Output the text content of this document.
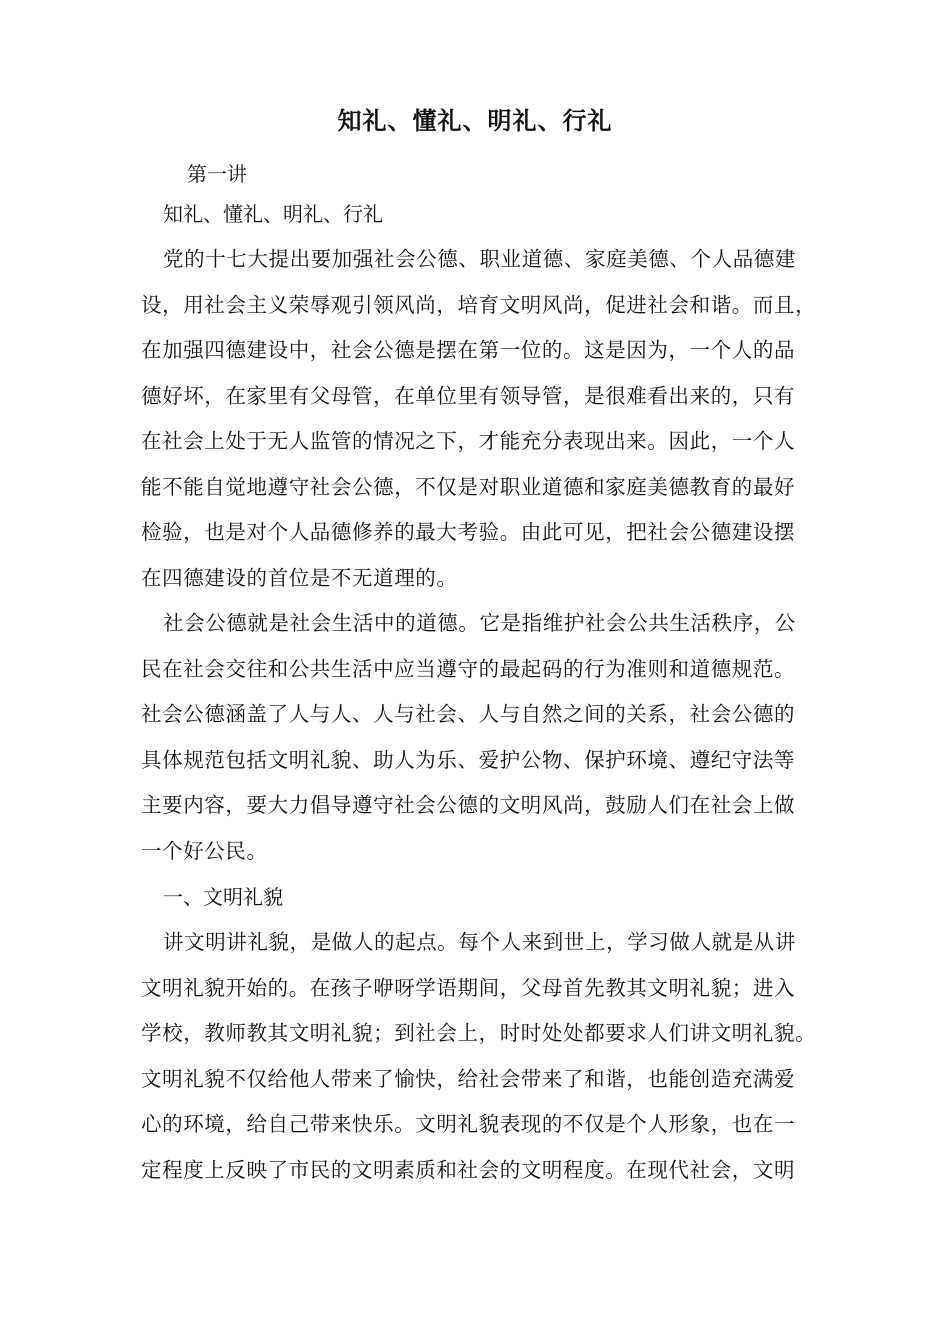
知礼、懂礼、明礼、行礼
第一讲
知礼、懂礼、明礼、行礼
党的十七大提出要加强社会公德、职业道德、家庭美德、个人品德建
设，用社会主义荣辱观引领风尚，培育文明风尚，促进社会和谐。而且，
在加强四德建设中，社会公德是摆在第一位的。这是因为，一个人的品
德好坏，在家里有父母管，在单位里有领导管，是很难看出来的，只有
在社会上处于无人监管的情况之下，才能充分表现出来。因此，一个人
能不能自觉地遵守社会公德，不仅是对职业道德和家庭美德教育的最好
检验，也是对个人品德修养的最大考验。由此可见，把社会公德建设摆
在四德建设的首位是不无道理的。
社会公德就是社会生活中的道德。它是指维护社会公共生活秩序，公
民在社会交往和公共生活中应当遵守的最起码的行为准则和道德规范。
社会公德涵盖了人与人、人与社会、人与自然之间的关系，社会公德的
具体规范包括文明礼貌、助人为乐、爱护公物、保护环境、遵纪守法等
主要内容，要大力倡导遵守社会公德的文明风尚，鼓励人们在社会上做
一个好公民。
一、文明礼貌
讲文明讲礼貌，是做人的起点。每个人来到世上，学习做人就是从讲
文明礼貌开始的。在孩子咿呀学语期间，父母首先教其文明礼貌；进入
学校，教师教其文明礼貌；到社会上，时时处处都要求人们讲文明礼貌。
文明礼貌不仅给他人带来了愉快，给社会带来了和谐，也能创造充满爱
心的环境，给自己带来快乐。文明礼貌表现的不仅是个人形象，也在一
定程度上反映了市民的文明素质和社会的文明程度。在现代社会，文明
